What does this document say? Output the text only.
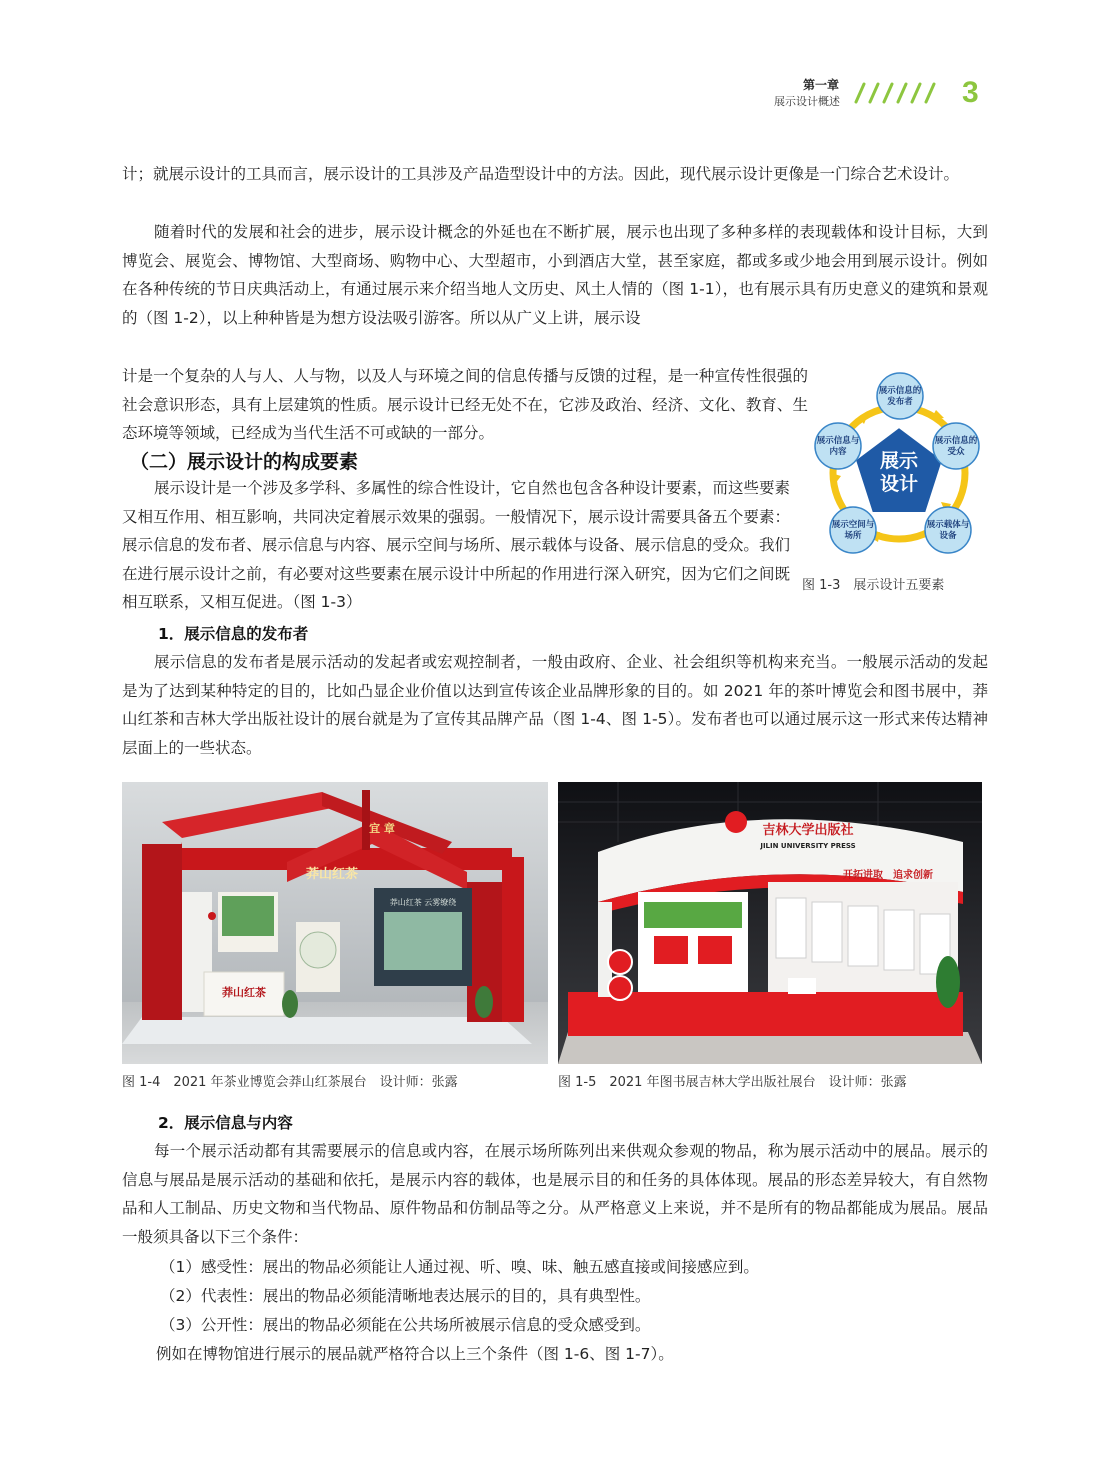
第一章
展示设计概述	3
计；就展示设计的工具而言，展示设计的工具涉及产品造型设计中的方法。因此，现代展示设计更像是一门综合艺术设计。
随着时代的发展和社会的进步，展示设计概念的外延也在不断扩展，展示也出现了多种多样的表现载体和设计目标，大到博览会、展览会、博物馆、大型商场、购物中心、大型超市，小到酒店大堂，甚至家庭，都或多或少地会用到展示设计。例如在各种传统的节日庆典活动上，有通过展示来介绍当地人文历史、风土人情的（图 1-1），也有展示具有历史意义的建筑和景观的（图 1-2），以上种种皆是为想方设法吸引游客。所以从广义上讲，展示设
计是一个复杂的人与人、人与物，以及人与环境之间的信息传播与反馈的过程，是一种宣传性很强的社会意识形态，具有上层建筑的性质。展示设计已经无处不在，它涉及政治、经济、文化、教育、生态环境等领域，已经成为当代生活不可或缺的一部分。
展示
设计
展示信息的
发布者
展示信息的
受众
展示载体与
设备
展示空间与
场所
展示信息与
内容
图 1-3　展示设计五要素
（二）展示设计的构成要素
展示设计是一个涉及多学科、多属性的综合性设计，它自然也包含各种设计要素，而这些要素又相互作用、相互影响，共同决定着展示效果的强弱。一般情况下，展示设计需要具备五个要素：展示信息的发布者、展示信息与内容、展示空间与场所、展示载体与设备、展示信息的受众。我们在进行展示设计之前，有必要对这些要素在展示设计中所起的作用进行深入研究，因为它们之间既相互联系，又相互促进。（图 1-3）
1．展示信息的发布者
展示信息的发布者是展示活动的发起者或宏观控制者，一般由政府、企业、社会组织等机构来充当。一般展示活动的发起是为了达到某种特定的目的，比如凸显企业价值以达到宣传该企业品牌形象的目的。如 2021 年的茶叶博览会和图书展中，莽山红茶和吉林大学出版社设计的展台就是为了宣传其品牌产品（图 1-4、图 1-5）。发布者也可以通过展示这一形式来传达精神层面上的一些状态。
宜 章
莽山红茶
莽山红茶
莽山红茶 云雾缭绕
图 1-4　2021 年茶业博览会莽山红茶展台　设计师：张露
吉林大学出版社
JILIN UNIVERSITY PRESS
开拓进取　追求创新
图 1-5　2021 年图书展吉林大学出版社展台　设计师：张露
2．展示信息与内容
每一个展示活动都有其需要展示的信息或内容，在展示场所陈列出来供观众参观的物品，称为展示活动中的展品。展示的信息与展品是展示活动的基础和依托，是展示内容的载体，也是展示目的和任务的具体体现。展品的形态差异较大，有自然物品和人工制品、历史文物和当代物品、原件物品和仿制品等之分。从严格意义上来说，并不是所有的物品都能成为展品。展品一般须具备以下三个条件：
（1）感受性：展出的物品必须能让人通过视、听、嗅、味、触五感直接或间接感应到。
（2）代表性：展出的物品必须能清晰地表达展示的目的，具有典型性。
（3）公开性：展出的物品必须能在公共场所被展示信息的受众感受到。
例如在博物馆进行展示的展品就严格符合以上三个条件（图 1-6、图 1-7）。
